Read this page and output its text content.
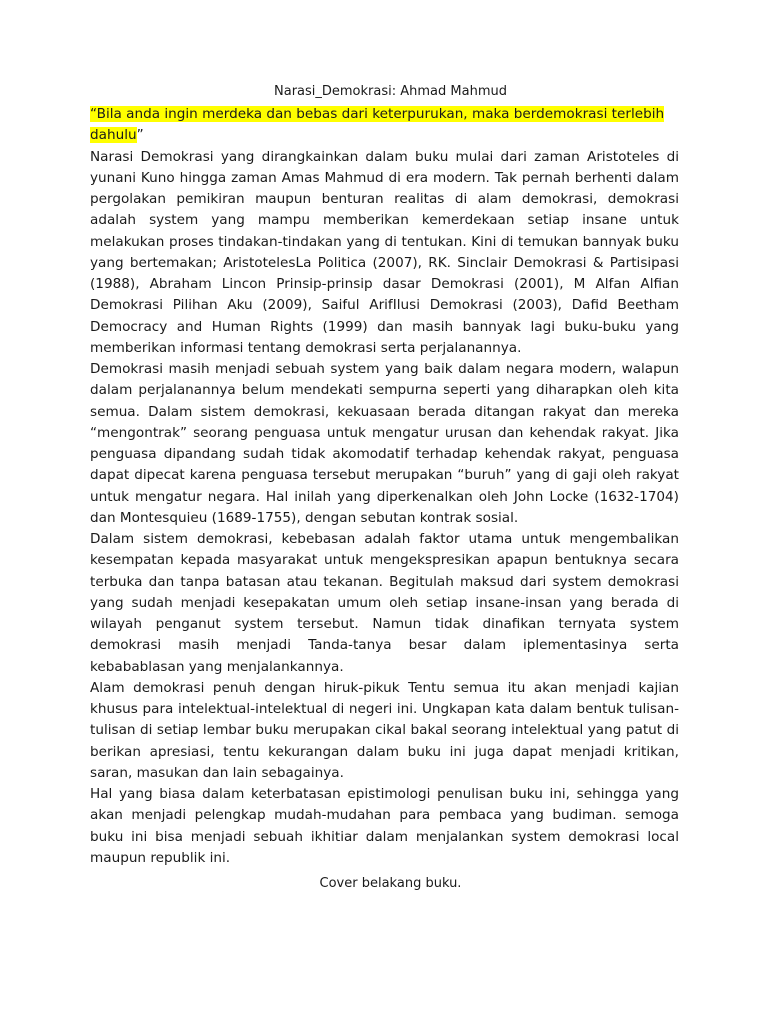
Narasi_Demokrasi: Ahmad Mahmud

“Bila anda ingin merdeka dan bebas dari keterpurukan, maka berdemokrasi terlebih dahulu”

Narasi Demokrasi yang dirangkainkan dalam buku mulai dari zaman Aristoteles di yunani Kuno hingga zaman Amas Mahmud di era modern. Tak pernah berhenti dalam pergolakan pemikiran maupun benturan realitas di alam demokrasi, demokrasi adalah system yang mampu memberikan kemerdekaan setiap insane untuk melakukan proses tindakan-tindakan yang di tentukan. Kini di temukan bannyak buku yang bertemakan; AristotelesLa Politica (2007), RK. Sinclair Demokrasi & Partisipasi (1988), Abraham Lincon Prinsip-prinsip dasar Demokrasi (2001), M Alfan Alfian Demokrasi Pilihan Aku (2009), Saiful ArifIlusi Demokrasi (2003), Dafid Beetham Democracy and Human Rights (1999) dan masih bannyak lagi buku-buku yang memberikan informasi tentang demokrasi serta perjalanannya.

Demokrasi masih menjadi sebuah system yang baik dalam negara modern, walapun dalam perjalanannya belum mendekati sempurna seperti yang diharapkan oleh kita semua. Dalam sistem demokrasi, kekuasaan berada ditangan rakyat dan mereka “mengontrak” seorang penguasa untuk mengatur urusan dan kehendak rakyat. Jika penguasa dipandang sudah tidak akomodatif terhadap kehendak rakyat, penguasa dapat dipecat karena penguasa tersebut merupakan “buruh” yang di gaji oleh rakyat untuk mengatur negara. Hal inilah yang diperkenalkan oleh John Locke (1632-1704) dan Montesquieu (1689-1755), dengan sebutan kontrak sosial.

Dalam sistem demokrasi, kebebasan adalah faktor utama untuk mengembalikan kesempatan kepada masyarakat untuk mengekspresikan apapun bentuknya secara terbuka dan tanpa batasan atau tekanan. Begitulah maksud dari system demokrasi yang sudah menjadi kesepakatan umum oleh setiap insane-insan yang berada di wilayah penganut system tersebut. Namun tidak dinafikan ternyata system demokrasi masih menjadi Tanda-tanya besar dalam iplementasinya serta kebabablasan yang menjalankannya.

Alam demokrasi penuh dengan hiruk-pikuk Tentu semua itu akan menjadi kajian khusus para intelektual-intelektual di negeri ini. Ungkapan kata dalam bentuk tulisan-tulisan di setiap lembar buku merupakan cikal bakal seorang intelektual yang patut di berikan apresiasi, tentu kekurangan dalam buku ini juga dapat menjadi kritikan, saran, masukan dan lain sebagainya.

Hal yang biasa dalam keterbatasan epistimologi penulisan buku ini, sehingga yang akan menjadi pelengkap mudah-mudahan para pembaca yang budiman. semoga buku ini bisa menjadi sebuah ikhitiar dalam menjalankan system demokrasi local maupun republik ini.

Cover belakang buku.
